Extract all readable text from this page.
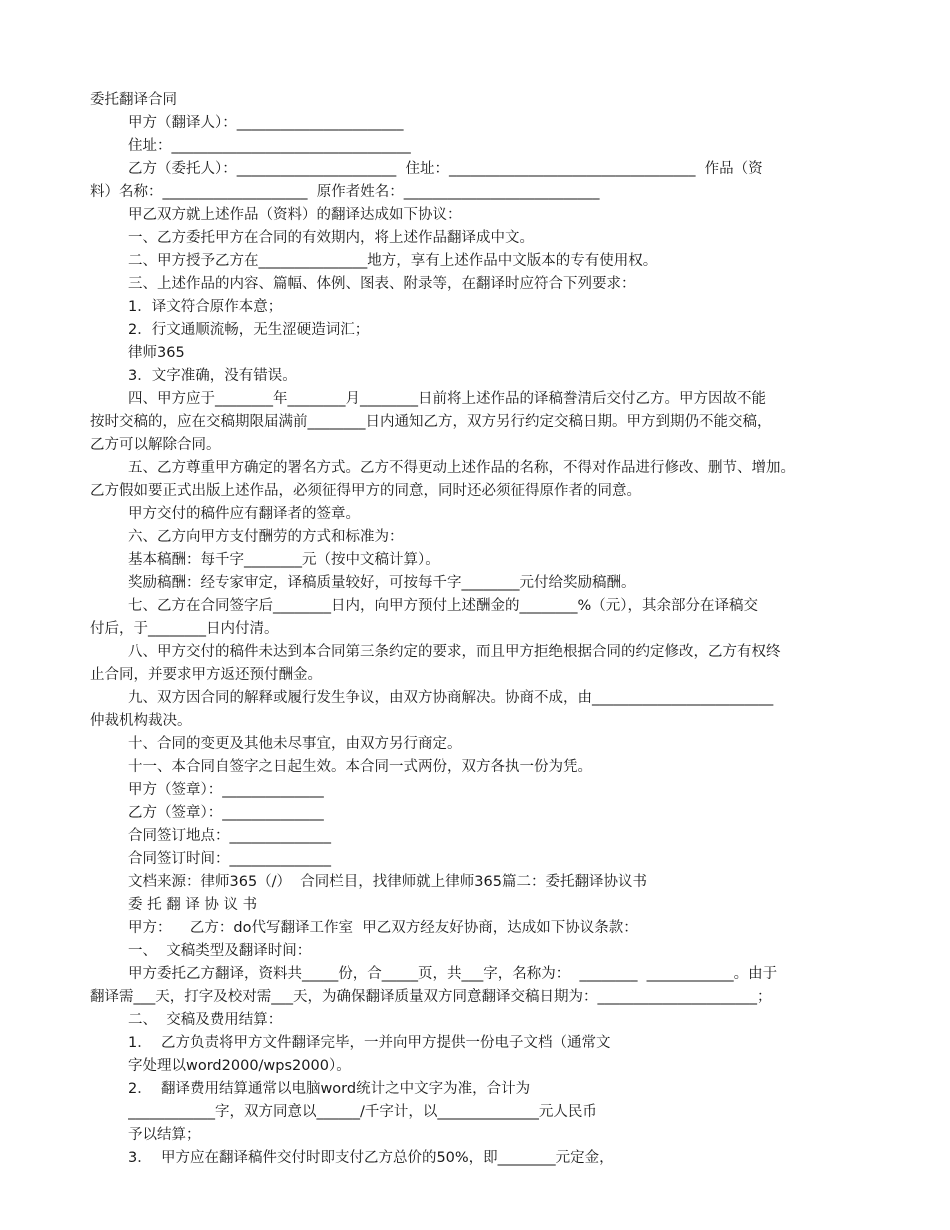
委托翻译合同
甲方（翻译人）：_______________________
住址：_________________________________
乙方（委托人）：______________________  住址：__________________________________  作品（资
料）名称：____________________  原作者姓名：___________________________
甲乙双方就上述作品（资料）的翻译达成如下协议：
一、乙方委托甲方在合同的有效期内，将上述作品翻译成中文。
二、甲方授予乙方在_______________地方，享有上述作品中文版本的专有使用权。
三、上述作品的内容、篇幅、体例、图表、附录等，在翻译时应符合下列要求：
1．译文符合原作本意；
2．行文通顺流畅，无生涩硬造词汇；
律师365
3．文字准确，没有错误。
四、甲方应于________年________月________日前将上述作品的译稿誊清后交付乙方。甲方因故不能
按时交稿的，应在交稿期限届满前________日内通知乙方，双方另行约定交稿日期。甲方到期仍不能交稿，
乙方可以解除合同。
五、乙方尊重甲方确定的署名方式。乙方不得更动上述作品的名称，不得对作品进行修改、删节、增加。
乙方假如要正式出版上述作品，必须征得甲方的同意，同时还必须征得原作者的同意。
甲方交付的稿件应有翻译者的签章。
六、乙方向甲方支付酬劳的方式和标准为：
基本稿酬：每千字________元（按中文稿计算）。
奖励稿酬：经专家审定，译稿质量较好，可按每千字________元付给奖励稿酬。
七、乙方在合同签字后________日内，向甲方预付上述酬金的________%（元），其余部分在译稿交
付后，于________日内付清。
八、甲方交付的稿件未达到本合同第三条约定的要求，而且甲方拒绝根据合同的约定修改，乙方有权终
止合同，并要求甲方返还预付酬金。
九、双方因合同的解释或履行发生争议，由双方协商解决。协商不成，由_________________________
仲裁机构裁决。
十、合同的变更及其他未尽事宜，由双方另行商定。
十一、本合同自签字之日起生效。本合同一式两份，双方各执一份为凭。
甲方（签章）：______________
乙方（签章）：______________
合同签订地点：______________
合同签订时间：______________
文档来源：律师365（/）  合同栏目，找律师就上律师365篇二：委托翻译协议书
委 托 翻 译 协 议 书
甲方：    乙方：do代写翻译工作室  甲乙双方经友好协商，达成如下协议条款：
一、  文稿类型及翻译时间：
甲方委托乙方翻译，资料共_____份，合_____页，共___字，名称为：  ________  ____________。由于
翻译需___天，打字及校对需___天，为确保翻译质量双方同意翻译交稿日期为：______________________；
二、  交稿及费用结算：
1．  乙方负责将甲方文件翻译完毕，一并向甲方提供一份电子文档（通常文
字处理以word2000/wps2000）。
2．  翻译费用结算通常以电脑word统计之中文字为准，合计为
____________字，双方同意以______/千字计，以______________元人民币
予以结算；
3．  甲方应在翻译稿件交付时即支付乙方总价的50%，即________元定金，
